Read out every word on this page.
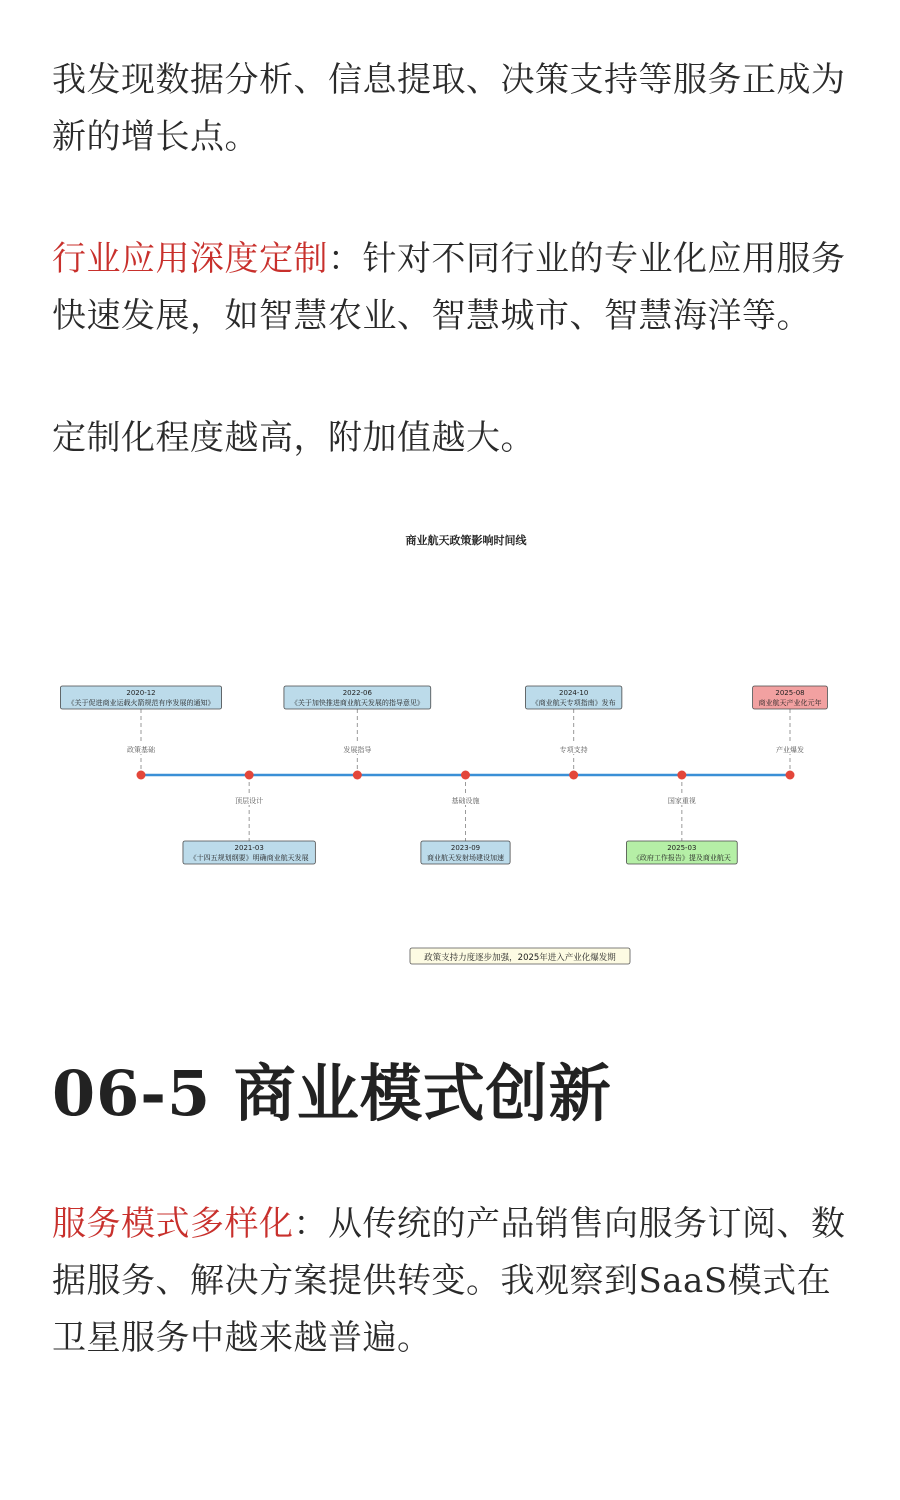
我发现数据分析、信息提取、决策支持等服务正成为新的增长点。

行业应用深度定制：针对不同行业的专业化应用服务快速发展，如智慧农业、智慧城市、智慧海洋等。

定制化程度越高，附加值越大。

商业航天政策影响时间线
政策基础
2020-12
《关于促进商业运载火箭规范有序发展的通知》
顶层设计
2021-03
《十四五规划纲要》明确商业航天发展
发展指导
2022-06
《关于加快推进商业航天发展的指导意见》
基础设施
2023-09
商业航天发射场建设加速
专项支持
2024-10
《商业航天专项指南》发布
国家重视
2025-03
《政府工作报告》提及商业航天
产业爆发
2025-08
商业航天产业化元年
政策支持力度逐步加强，2025年进入产业化爆发期
06-5 商业模式创新

服务模式多样化：从传统的产品销售向服务订阅、数据服务、解决方案提供转变。我观察到SaaS模式在卫星服务中越来越普遍。
